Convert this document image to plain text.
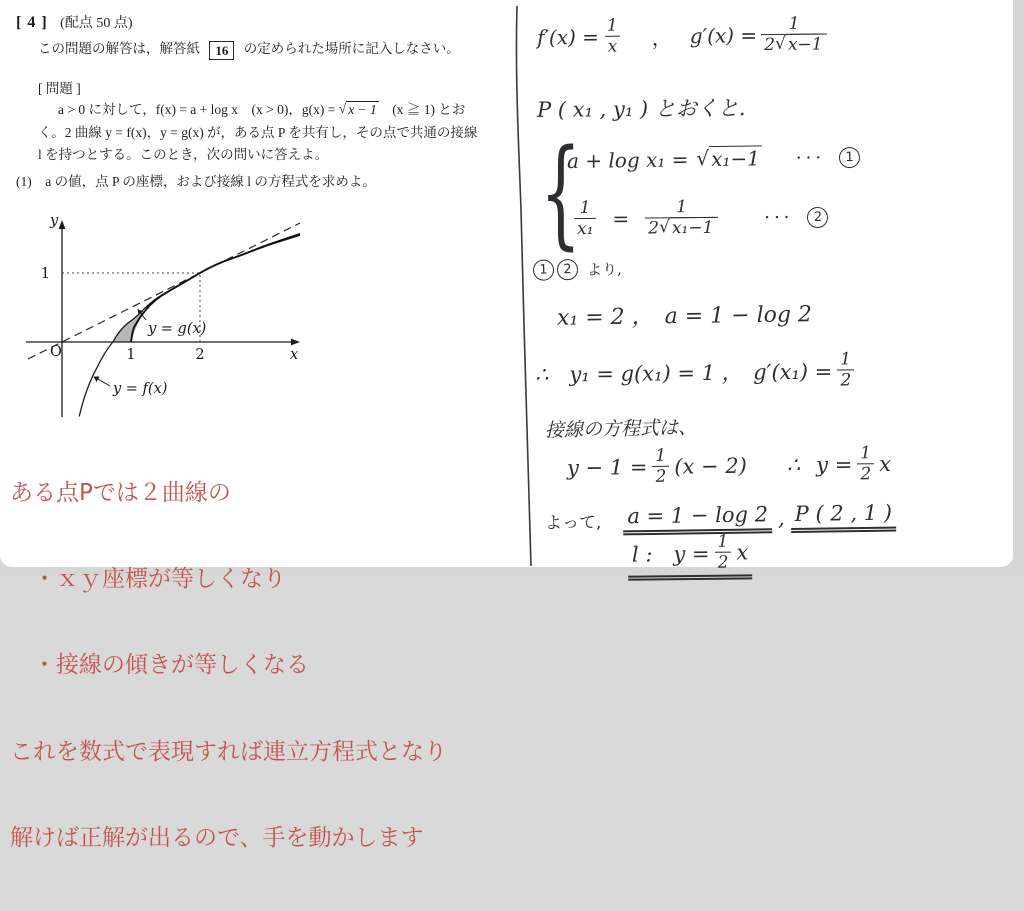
[ 4 ] (配点 50 点)
この問題の解答は，解答紙 16 の定められた場所に記入しなさい。
[ 問題 ]
a > 0 に対して，f(x) = a + log x　(x > 0)，g(x) = √ x − 1　(x ≧ 1) とお
く。2 曲線 y = f(x)，y = g(x) が，ある点 P を共有し，その点で共通の接線
l を持つとする。このとき，次の問いに答えよ。
(1)　a の値，点 P の座標，および接線 l の方程式を求めよ。
y
x
O
1
1	2
y = g(x)
y = f(x)

ある点Pでは２曲線の

　・ｘｙ座標が等しくなり

　・接線の傾きが等しくなる

これを数式で表現すれば連立方程式となり

解けば正解が出るので、手を動かします

$f'(x) = \frac{1}{x}$ ， $g'(x) = \frac{1}{2√ x-1}$
P ( x₁ , y₁ ) とおくと.
{
a + log x₁ = √x₁−1 ···	1
$\frac{1}{\text{x₁}} = \frac{1}{\text{2√ x₁−1}}$	···	2
1	2	より,
x₁ = 2 ，　a = 1 − log 2
∴　y₁ = g(x₁) = 1 ，　$g'(x_1) = \frac{1}{2}$
接線の方程式は、
$y - 1 = \frac{1}{2} (x - 2)$ ∴ $y = \frac{1}{2}$ x
よって, a = 1 − log 2 , P ( 2 , 1 )
l :　$y = \frac{1}{2}$ x
